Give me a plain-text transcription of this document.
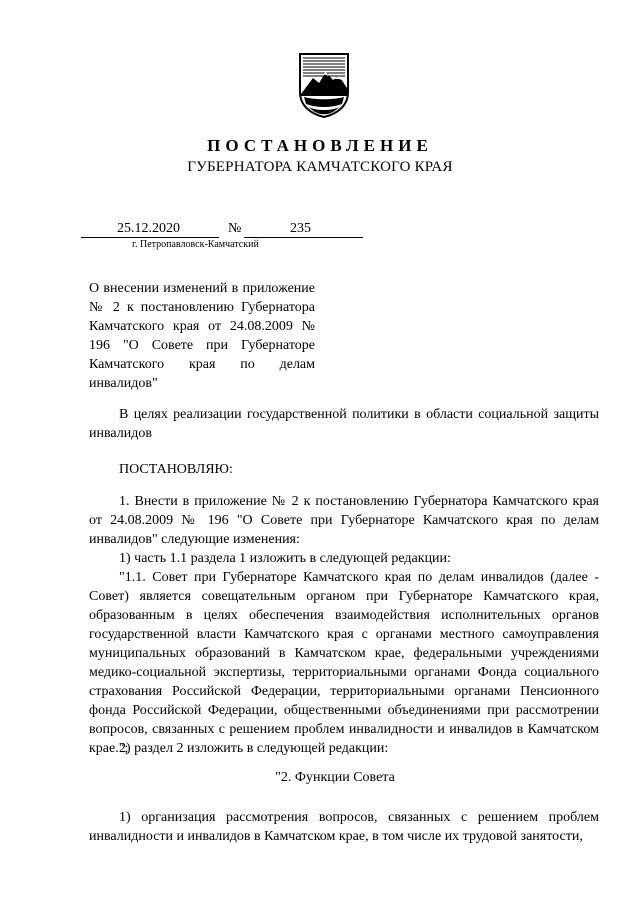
ПОСТАНОВЛЕНИЕ
ГУБЕРНАТОРА КАМЧАТСКОГО КРАЯ
25.12.2020	№	235
г. Петропавловск-Камчатский
О внесении изменений в приложение № 2 к постановлению Губернатора Камчатского края от 24.08.2009 № 196 "О Совете при Губернаторе Камчатского края по делам инвалидов"

В целях реализации государственной политики в области социальной защиты инвалидов

ПОСТАНОВЛЯЮ:

1. Внести в приложение № 2 к постановлению Губернатора Камчатского края от 24.08.2009 № 196 "О Совете при Губернаторе Камчатского края по делам инвалидов" следующие изменения:

1) часть 1.1 раздела 1 изложить в следующей редакции:

"1.1. Совет при Губернаторе Камчатского края по делам инвалидов (далее - Совет) является совещательным органом при Губернаторе Камчатского края, образованным в целях обеспечения взаимодействия исполнительных органов государственной власти Камчатского края с органами местного самоуправления муниципальных образований в Камчатском крае, федеральными учреждениями медико-социальной экспертизы, территориальными органами Фонда социального страхования Российской Федерации, территориальными органами Пенсионного фонда Российской Федерации, общественными объединениями при рассмотрении вопросов, связанных с решением проблем инвалидности и инвалидов в Камчатском крае.";

2) раздел 2 изложить в следующей редакции:

"2. Функции Совета

1) организация рассмотрения вопросов, связанных с решением проблем инвалидности и инвалидов в Камчатском крае, в том числе их трудовой занятости,
